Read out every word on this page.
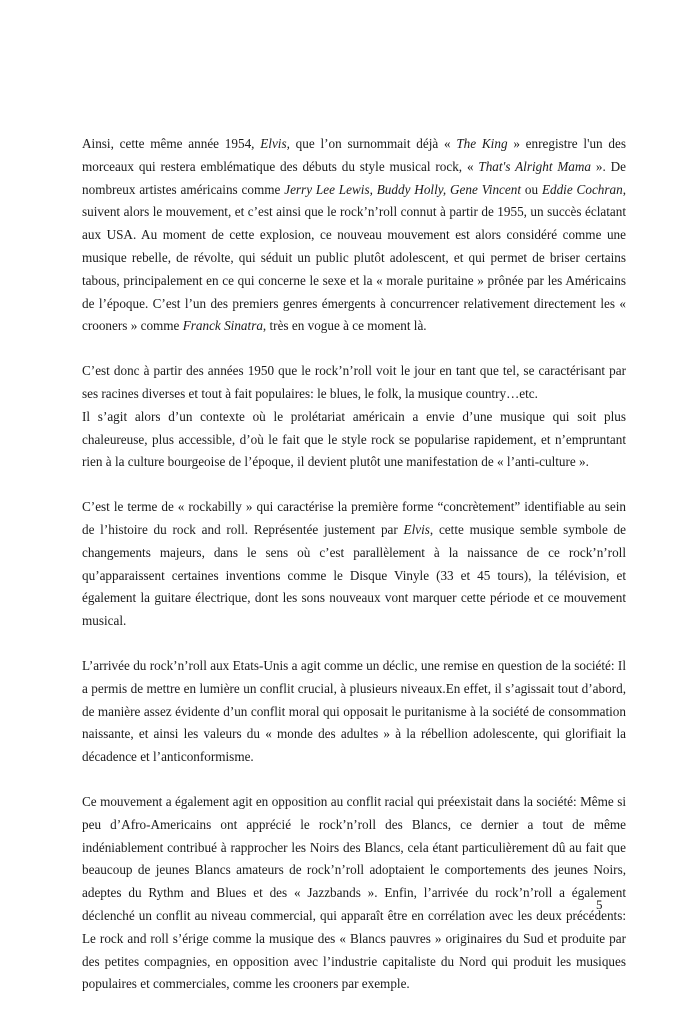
Ainsi, cette même année 1954, Elvis, que l’on surnommait déjà « The King » enregistre l'un des morceaux qui restera emblématique des débuts du style musical rock, « That's Alright Mama ». De nombreux artistes américains comme Jerry Lee Lewis, Buddy Holly, Gene Vincent ou Eddie Cochran, suivent alors le mouvement, et c’est ainsi que le rock’n’roll connut à partir de 1955, un succès éclatant aux USA. Au moment de cette explosion, ce nouveau mouvement est alors considéré comme une musique rebelle, de révolte, qui séduit un public plutôt adolescent, et qui permet de briser certains tabous, principalement en ce qui concerne le sexe et la « morale puritaine » prônée par les Américains de l’époque. C’est l’un des premiers genres émergents à concurrencer relativement directement les « crooners » comme Franck Sinatra, très en vogue à ce moment là.

C’est donc à partir des années 1950 que le rock’n’roll voit le jour en tant que tel, se caractérisant par ses racines diverses et tout à fait populaires: le blues, le folk, la musique country…etc.
Il s’agit alors d’un contexte où le prolétariat américain a envie d’une musique qui soit plus chaleureuse, plus accessible, d’où le fait que le style rock se popularise rapidement, et n’empruntant rien à la culture bourgeoise de l’époque, il devient plutôt une manifestation de « l’anti-culture ».

C’est le terme de « rockabilly » qui caractérise la première forme “concrètement” identifiable au sein de l’histoire du rock and roll. Représentée justement par Elvis, cette musique semble symbole de changements majeurs, dans le sens où c’est parallèlement à la naissance de ce rock’n’roll qu’apparaissent certaines inventions comme le Disque Vinyle (33 et 45 tours), la télévision, et également la guitare électrique, dont les sons nouveaux vont marquer cette période et ce mouvement musical.

L’arrivée du rock’n’roll aux Etats-Unis a agit comme un déclic, une remise en question de la société: Il a permis de mettre en lumière un conflit crucial, à plusieurs niveaux.En effet, il s’agissait tout d’abord, de manière assez évidente d’un conflit moral qui opposait le puritanisme à la société de consommation naissante, et ainsi les valeurs du « monde des adultes » à la rébellion adolescente, qui glorifiait la décadence et l’anticonformisme.

Ce mouvement a également agit en opposition au conflit racial qui préexistait dans la société: Même si peu d’Afro-Americains ont apprécié le rock’n’roll des Blancs, ce dernier a tout de même indéniablement contribué à rapprocher les Noirs des Blancs, cela étant particulièrement dû au fait que beaucoup de jeunes Blancs amateurs de rock’n’roll adoptaient le comportements des jeunes Noirs, adeptes du Rythm and Blues et des « Jazzbands ». Enfin, l’arrivée du rock’n’roll a également déclenché un conflit au niveau commercial, qui apparaît être en corrélation avec les deux précédents: Le rock and roll s’érige comme la musique des « Blancs pauvres » originaires du Sud et produite par des petites compagnies, en opposition avec l’industrie capitaliste du Nord qui produit les musiques populaires et commerciales, comme les crooners par exemple.

5
